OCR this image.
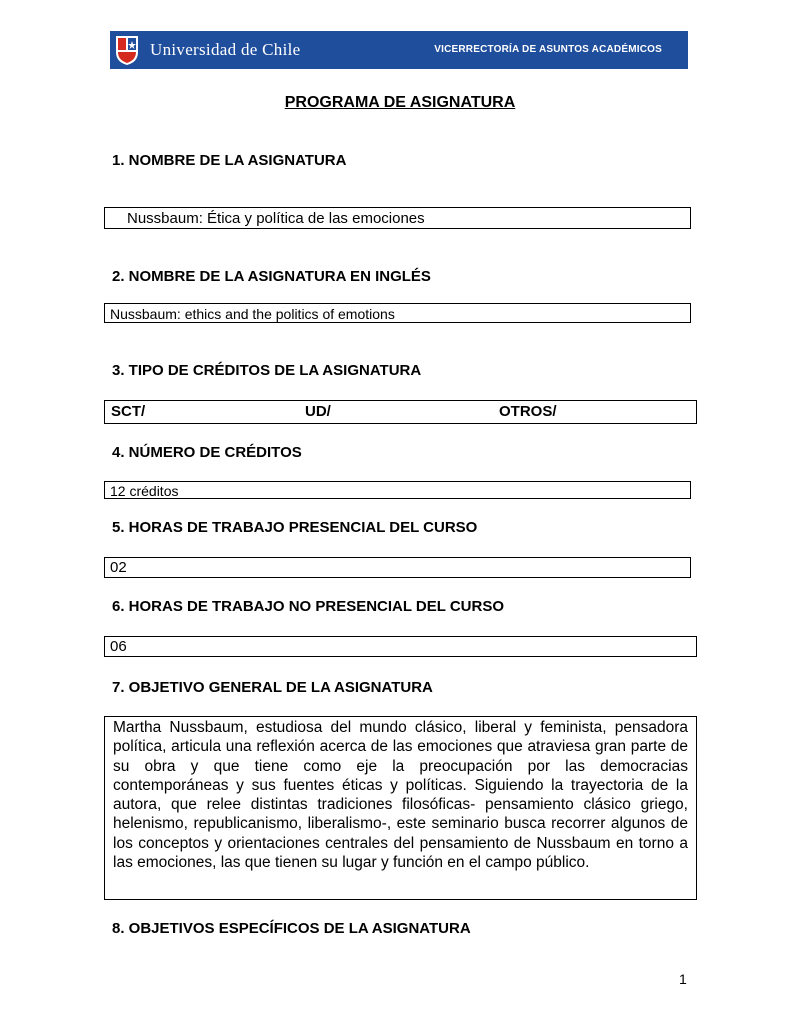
Universidad de Chile	VICERRECTORÍA DE ASUNTOS ACADÉMICOS
PROGRAMA DE ASIGNATURA
1. NOMBRE DE LA ASIGNATURA
Nussbaum: Ética y política de las emociones
2. NOMBRE DE LA ASIGNATURA EN INGLÉS
Nussbaum: ethics and the politics of emotions
3. TIPO DE CRÉDITOS DE LA ASIGNATURA
SCT/	UD/	OTROS/
4. NÚMERO DE CRÉDITOS
12 créditos
5. HORAS DE TRABAJO PRESENCIAL DEL CURSO
02
6. HORAS DE TRABAJO NO PRESENCIAL DEL CURSO
06
7. OBJETIVO GENERAL DE LA ASIGNATURA
Martha Nussbaum, estudiosa del mundo clásico, liberal y feminista, pensadora política, articula una reflexión acerca de las emociones que atraviesa gran parte de su obra y que tiene como eje la preocupación por las democracias contemporáneas y sus fuentes éticas y políticas. Siguiendo la trayectoria de la autora, que relee distintas tradiciones filosóficas- pensamiento clásico griego, helenismo, republicanismo, liberalismo-, este seminario busca recorrer algunos de los conceptos y orientaciones centrales del pensamiento de Nussbaum en torno a las emociones, las que tienen su lugar y función en el campo público.
8. OBJETIVOS ESPECÍFICOS DE LA ASIGNATURA
1
